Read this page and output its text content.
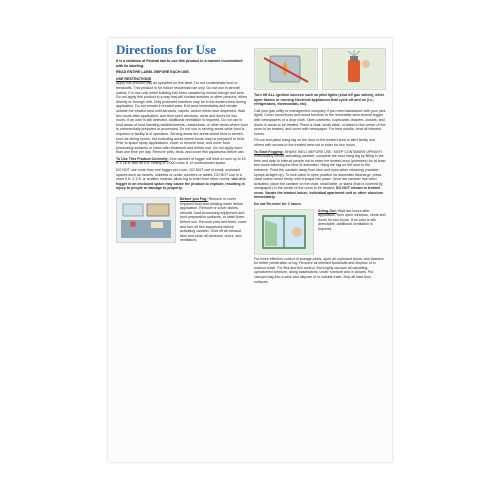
Directions for Use

It is a violation of Federal law to use this product in a manner inconsistent with its labeling.

READ ENTIRE LABEL BEFORE EACH USE.

USE RESTRICTIONS

Apply this product only as specified on this label. Do not contaminate food or feedstuffs. This product is for indoor residential use only. Do not use in aircraft cabins. For use only when building has been vacated by human beings and pets. Do not apply this product in a way that will contact workers or other persons, either directly or through drift. Only protected handlers may be in the treated area during application. Do not remain in treated area. Exit area immediately and remain outside the treated area until aerosols, vapors, and/or mists have dispersed. Wait two hours after application, and then open windows, vents and doors for two hours. If an odor is still detected, additional ventilation is required. Do not use in food areas of food handling establishments, restaurants, or other areas where food is commercially prepared or processed. Do not use in serving areas while food is exposed or facility is in operation. Serving areas are areas where food is served, such as dining rooms, but excluding areas where foods may be prepared or held. Prior to space spray applications, cover or remove food, and cover food processing surfaces or clean after treatment and before use. Do not apply more than one time per day. Remove pets, birds, and cover fish aquariums before use.

To Use This Product Correctly: One canister of fogger will treat a room up to 16 ft. x 16 ft. with an 8 ft. ceiling or 2,000 cubic ft. of unobstructed space.

DO NOT use more than one fogger per room. DO NOT use in small, enclosed spaces such as closets, cabinets or under counters or tables. DO NOT use in a room 5 ft. X 5 ft. or smaller, instead, allow fog to enter from other rooms. Use of a fogger in an enclosed space may cause the product to explode, resulting in injury to people or damage to property.

Before you Fog: Remove or cover exposed food and drinking water before application. Remove or cover dishes, utensils, food processing equipment and food preparation surfaces, or wash them before use. Remove pets and birds, cover and turn off fish aquariums before activating canister. Shut off all exhaust fans and close all windows, doors, and ventilators.

Turn off ALL ignition sources such as pilot lights (shut off gas valves), other open flames or running electrical appliances that cycle off and on (i.e., refrigerators, thermostats, etc).

Call your gas utility or management company if you need assistance with your pilot lights. Cover wood floors and wood furniture in the immediate area around fogger with newspapers or a drop cloth. Open cabinets, cupboards, drawers, closets, and doors in areas to be treated. Place a chair, small table, or stand in the center of the room to be treated, and cover with newspaper. For best results, treat all infested rooms.

Fill out and place hang tag on the door to the treated area to alert family and others with access to the treated area not to enter for two hours.

To Start Fogging: SHAKE WELL BEFORE USE. KEEP CONTAINER UPRIGHT. Immediately before activating canister, complete the door hang tag by filling in the time and date to instruct people not to enter the treated area (premises) for at least two hours following the time of activation. Hang the tag on the door to the entrance. Point the canister away from face and eyes when releasing (canister sprays straight up). To lock valve in open position for automatic discharge, press valve button down firmly, until it snaps into place. Once the canister has been activated, place the canister on the chair, small table, or stand (that is covered by newspaper) in the center of the room to be treated. DO NOT remain in treated room. Vacate the treated house, individual apartment unit or other structure immediately.

Do not Re-enter for 2 hours.

Airing Out: Wait two hours after application, then open windows, vents and doors for two hours. If an odor is still detectable, additional ventilation is required.

For more effective control of storage pests, open all cupboard doors, and drawers for better penetration of fog. Remove all infested foodstuffs and dispose of in outdoor trash. For flea and tick control, thoroughly vacuum all carpeting, upholstered furniture, along baseboards, under furniture and in closets. Put vacuum bag into a sack and dispose of in outside trash. Mop all hard floor surfaces.
